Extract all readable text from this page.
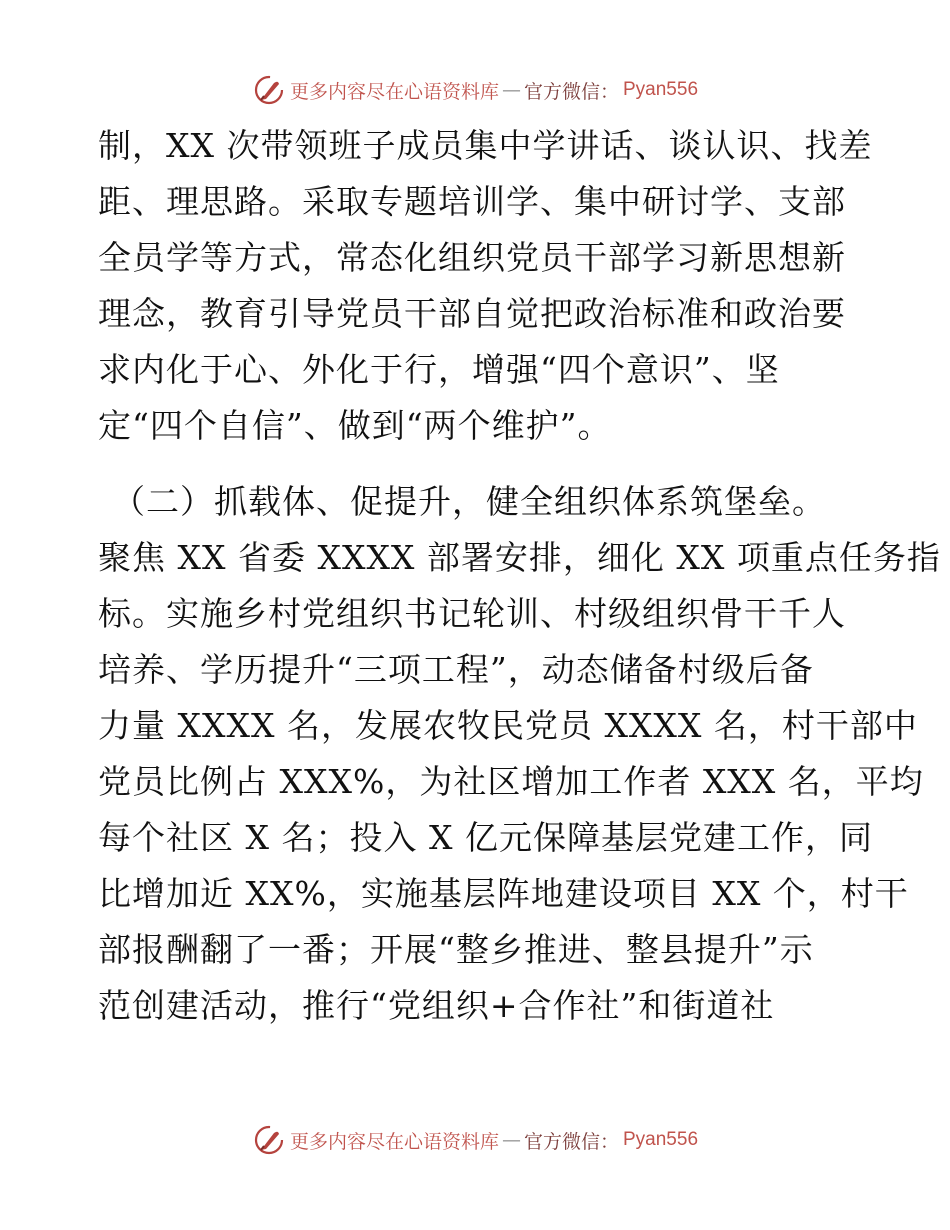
更多内容尽在心语资料库 — 官方微信： Pyan556
制，XX 次带领班子成员集中学讲话、谈认识、找差
距、理思路。采取专题培训学、集中研讨学、支部
全员学等方式，常态化组织党员干部学习新思想新
理念，教育引导党员干部自觉把政治标准和政治要
求内化于心、外化于行，增强“四个意识”、坚
定“四个自信”、做到“两个维护”。
（二）抓载体、促提升，健全组织体系筑堡垒。
聚焦 XX 省委 XXXX 部署安排，细化 XX 项重点任务指
标。实施乡村党组织书记轮训、村级组织骨干千人
培养、学历提升“三项工程”，动态储备村级后备
力量 XXXX 名，发展农牧民党员 XXXX 名，村干部中
党员比例占 XXX%，为社区增加工作者 XXX 名，平均
每个社区 X 名；投入 X 亿元保障基层党建工作，同
比增加近 XX%，实施基层阵地建设项目 XX 个，村干
部报酬翻了一番；开展“整乡推进、整县提升”示
范创建活动，推行“党组织+合作社”和街道社
更多内容尽在心语资料库 — 官方微信： Pyan556
